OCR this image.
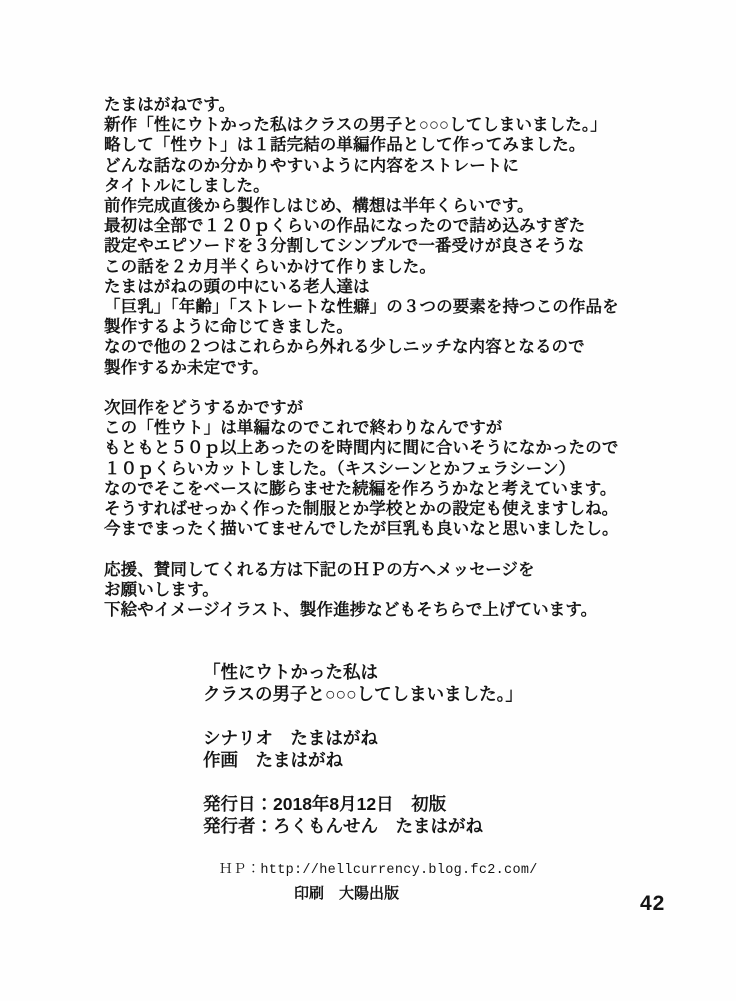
たまはがねです。
新作「性にウトかった私はクラスの男子と○○○してしまいました。」
略して「性ウト」は１話完結の単編作品として作ってみました。
どんな話なのか分かりやすいように内容をストレートに
タイトルにしました。
前作完成直後から製作しはじめ、構想は半年くらいです。
最初は全部で１２０ｐくらいの作品になったので詰め込みすぎた
設定やエピソードを３分割してシンプルで一番受けが良さそうな
この話を２カ月半くらいかけて作りました。
たまはがねの頭の中にいる老人達は
「巨乳」「年齢」「ストレートな性癖」の３つの要素を持つこの作品を
製作するように命じてきました。
なので他の２つはこれらから外れる少しニッチな内容となるので
製作するか未定です。
次回作をどうするかですが
この「性ウト」は単編なのでこれで終わりなんですが
もともと５０ｐ以上あったのを時間内に間に合いそうになかったので
１０ｐくらいカットしました。（キスシーンとかフェラシーン）
なのでそこをベースに膨らませた続編を作ろうかなと考えています。
そうすればせっかく作った制服とか学校とかの設定も使えますしね。
今までまったく描いてませんでしたが巨乳も良いなと思いましたし。
応援、賛同してくれる方は下記のＨＰの方へメッセージを
お願いします。
下絵やイメージイラスト、製作進捗などもそちらで上げています。
「性にウトかった私は
クラスの男子と○○○してしまいました。」
シナリオ　たまはがね
作画　たまはがね
発行日：2018年8月12日　初版
発行者：ろくもんせん　たまはがね
ＨＰ：http://hellcurrency.blog.fc2.com/
印刷　大陽出版	42
